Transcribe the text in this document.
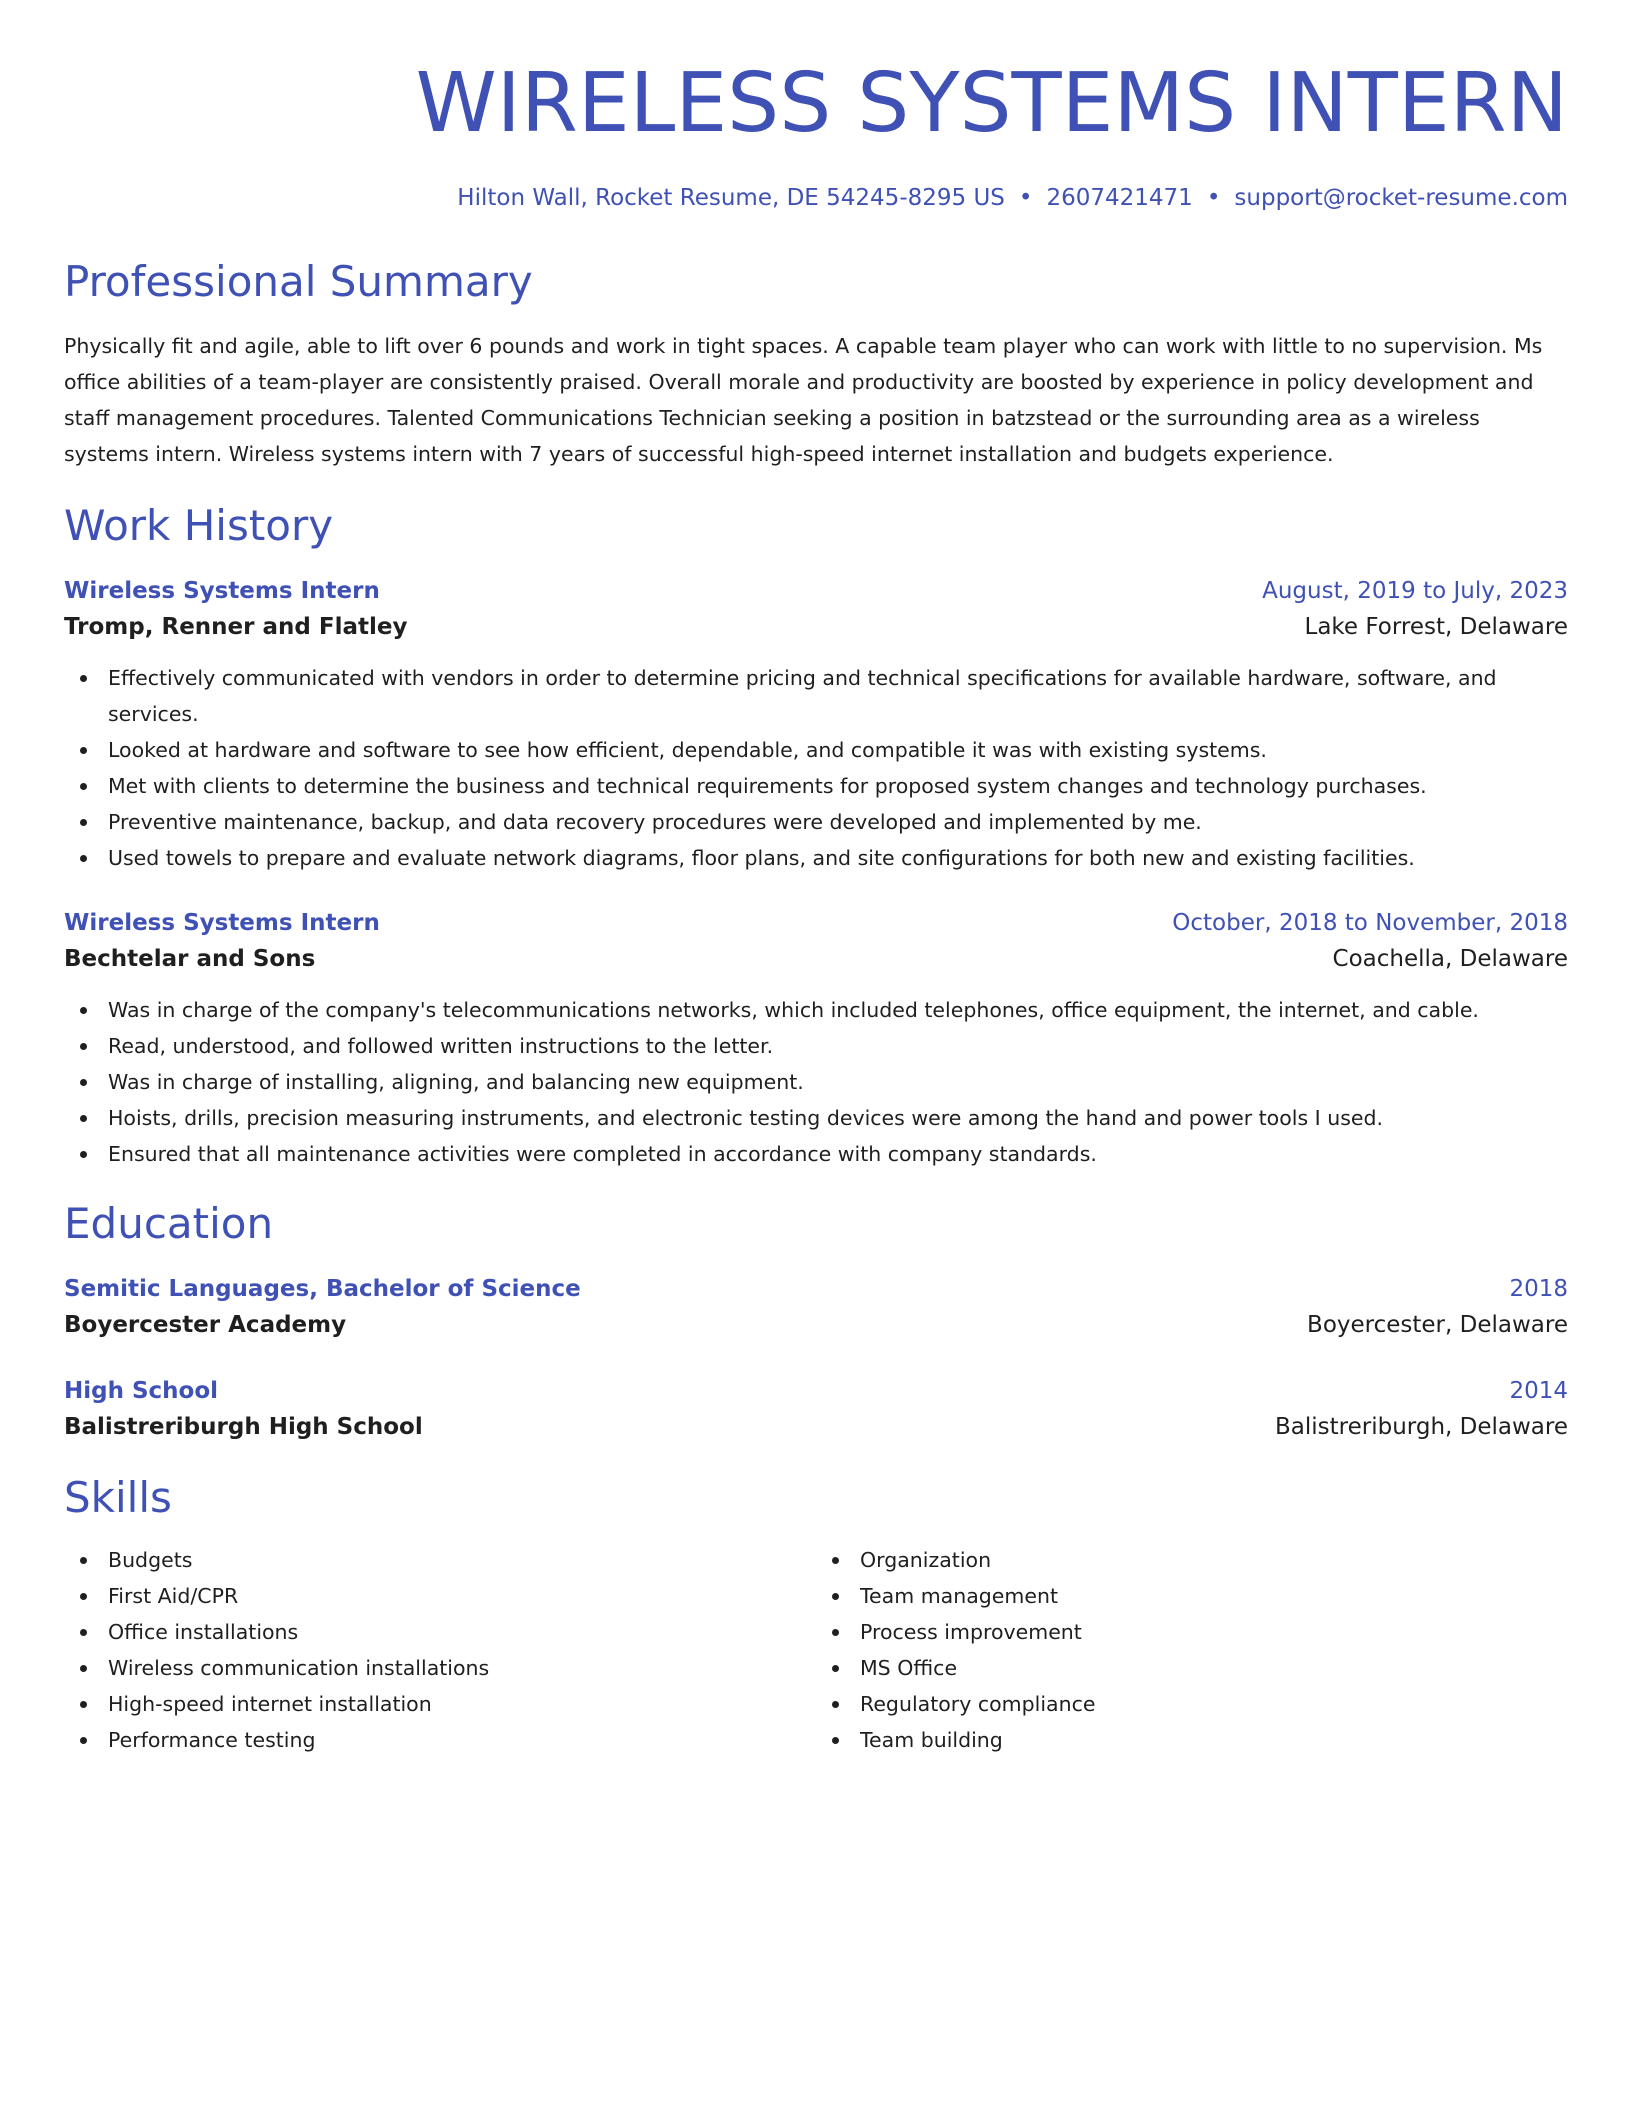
WIRELESS SYSTEMS INTERN
Hilton Wall, Rocket Resume, DE 54245-8295 US • 2607421471 • support@rocket-resume.com
Professional Summary

Physically fit and agile, able to lift over 6 pounds and work in tight spaces. A capable team player who can work with little to no supervision. Ms office abilities of a team-player are consistently praised. Overall morale and productivity are boosted by experience in policy development and staff management procedures. Talented Communications Technician seeking a position in batzstead or the surrounding area as a wireless systems intern. Wireless systems intern with 7 years of successful high-speed internet installation and budgets experience.

Work History
Wireless Systems Intern	August, 2019 to July, 2023
Tromp, Renner and Flatley	Lake Forrest, Delaware
Effectively communicated with vendors in order to determine pricing and technical specifications for available hardware, software, and services.
Looked at hardware and software to see how efficient, dependable, and compatible it was with existing systems.
Met with clients to determine the business and technical requirements for proposed system changes and technology purchases.
Preventive maintenance, backup, and data recovery procedures were developed and implemented by me.
Used towels to prepare and evaluate network diagrams, floor plans, and site configurations for both new and existing facilities.
Wireless Systems Intern	October, 2018 to November, 2018
Bechtelar and Sons	Coachella, Delaware
Was in charge of the company's telecommunications networks, which included telephones, office equipment, the internet, and cable.
Read, understood, and followed written instructions to the letter.
Was in charge of installing, aligning, and balancing new equipment.
Hoists, drills, precision measuring instruments, and electronic testing devices were among the hand and power tools I used.
Ensured that all maintenance activities were completed in accordance with company standards.
Education
Semitic Languages, Bachelor of Science	2018
Boyercester Academy	Boyercester, Delaware
High School	2014
Balistreriburgh High School	Balistreriburgh, Delaware
Skills
Budgets
First Aid/CPR
Office installations
Wireless communication installations
High-speed internet installation
Performance testing
Organization
Team management
Process improvement
MS Office
Regulatory compliance
Team building
